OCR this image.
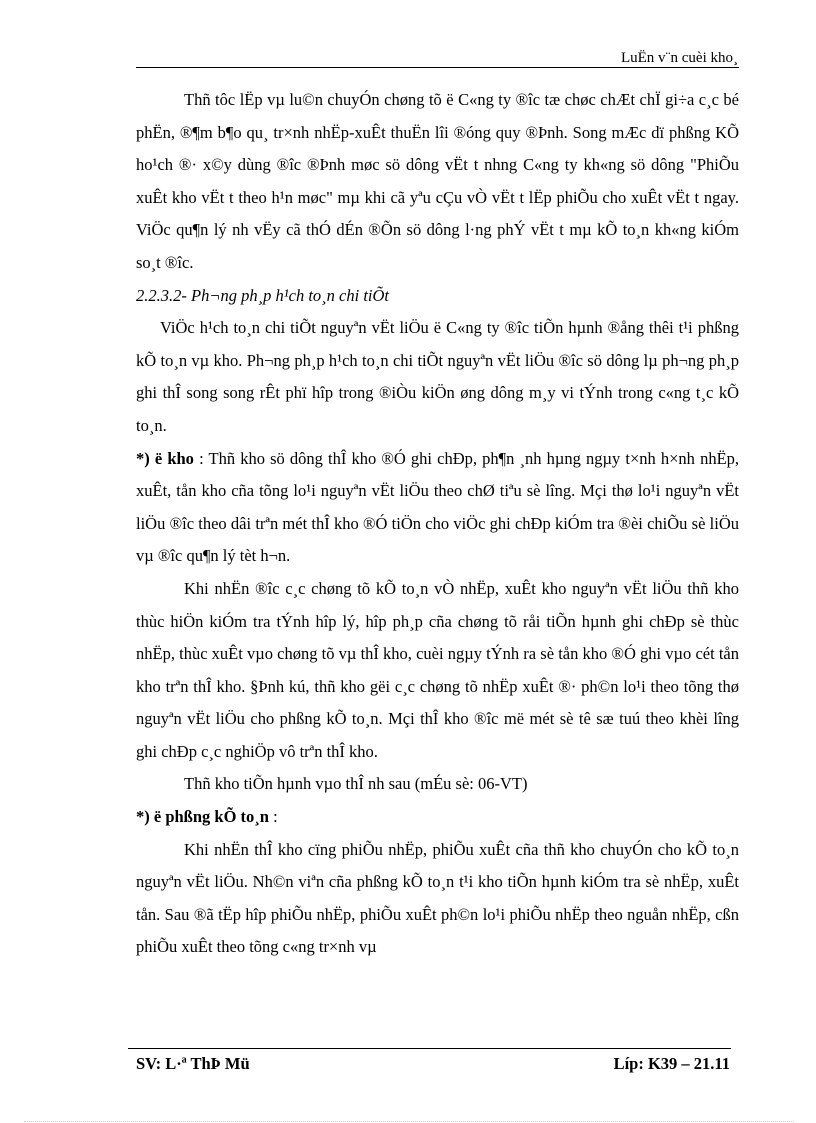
LuËn v¨n cuèi kho¸

Thñ tôc lËp vµ lu©n chuyÓn chøng tõ ë C«ng ty ®îc tæ chøc chÆt chÏ gi÷a c¸c bé phËn, ®¶m b¶o qu¸ tr×nh nhËp-xuÊt thuËn lîi ®óng quy ®Þnh. Song mÆc dï phßng KÕ ho¹ch ®· x©y dùng ®îc ®Þnh møc sö dông vËt t nhng C«ng ty kh«ng sö dông "PhiÕu xuÊt kho vËt t theo h¹n møc" mµ khi cã yªu cÇu vÒ vËt t lËp phiÕu cho xuÊt vËt t ngay. ViÖc qu¶n lý nh vËy cã thÓ dÉn ®Õn sö dông l·ng phÝ vËt t mµ kÕ to¸n kh«ng kiÓm so¸t ®îc.

2.2.3.2- Ph¬ng ph¸p h¹ch to¸n chi tiÕt

ViÖc h¹ch to¸n chi tiÕt nguyªn vËt liÖu ë C«ng ty ®îc tiÕn hµnh ®ång thêi t¹i phßng kÕ to¸n vµ kho. Ph¬ng ph¸p h¹ch to¸n chi tiÕt nguyªn vËt liÖu ®îc sö dông lµ ph¬ng ph¸p ghi thÎ song song rÊt phï hîp trong ®iÒu kiÖn øng dông m¸y vi tÝnh trong c«ng t¸c kÕ to¸n.

*) ë kho : Thñ kho sö dông thÎ kho ®Ó ghi chÐp, ph¶n ¸nh hµng ngµy t×nh h×nh nhËp, xuÊt, tån kho cña tõng lo¹i nguyªn vËt liÖu theo chØ tiªu sè lîng. Mçi thø lo¹i nguyªn vËt liÖu ®îc theo dâi trªn mét thÎ kho ®Ó tiÖn cho viÖc ghi chÐp kiÓm tra ®èi chiÕu sè liÖu vµ ®îc qu¶n lý tèt h¬n.

Khi nhËn ®îc c¸c chøng tõ kÕ to¸n vÒ nhËp, xuÊt kho nguyªn vËt liÖu thñ kho thùc hiÖn kiÓm tra tÝnh hîp lý, hîp ph¸p cña chøng tõ råi tiÕn hµnh ghi chÐp sè thùc nhËp, thùc xuÊt vµo chøng tõ vµ thÎ kho, cuèi ngµy tÝnh ra sè tån kho ®Ó ghi vµo cét tån kho trªn thÎ kho. §Þnh kú, thñ kho gëi c¸c chøng tõ nhËp xuÊt ®· ph©n lo¹i theo tõng thø nguyªn vËt liÖu cho phßng kÕ to¸n. Mçi thÎ kho ®îc më mét sè tê sæ tuú theo khèi lîng ghi chÐp c¸c nghiÖp vô trªn thÎ kho.

Thñ kho tiÕn hµnh vµo thÎ nh sau (mÉu sè: 06-VT)

*) ë phßng kÕ to¸n :

Khi nhËn thÎ kho cïng phiÕu nhËp, phiÕu xuÊt cña thñ kho chuyÓn cho kÕ to¸n nguyªn vËt liÖu. Nh©n viªn cña phßng kÕ to¸n t¹i kho tiÕn hµnh kiÓm tra sè nhËp, xuÊt tån. Sau ®ã tËp hîp phiÕu nhËp, phiÕu xuÊt ph©n lo¹i phiÕu nhËp theo nguån nhËp, cßn phiÕu xuÊt theo tõng c«ng tr×nh vµ

SV: L·ª ThÞ Mü	Líp: K39 – 21.11
